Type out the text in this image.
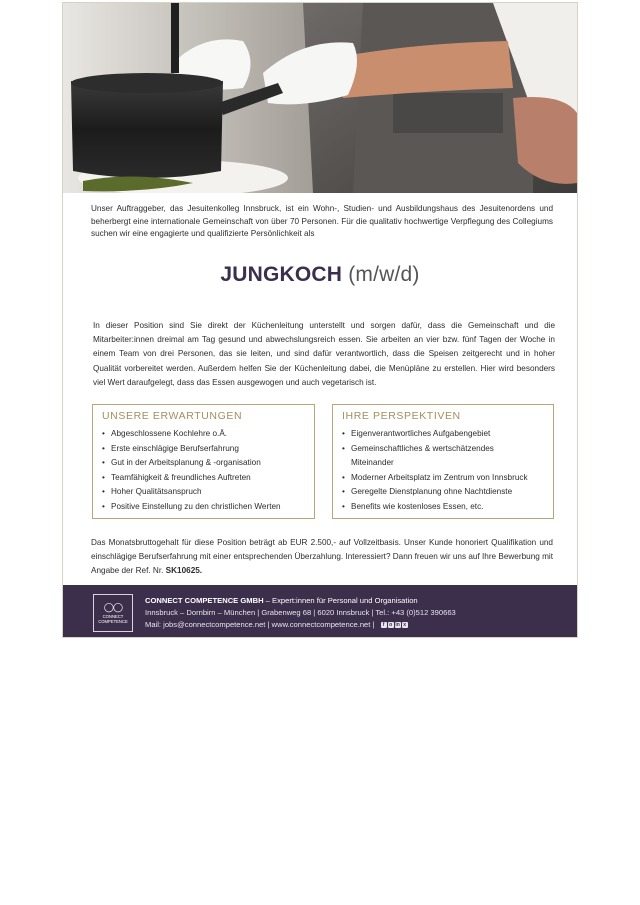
Unser Auftraggeber, das Jesuitenkolleg Innsbruck, ist ein Wohn-, Studien- und Ausbildungshaus des Jesuitenordens und beherbergt eine internationale Gemeinschaft von über 70 Personen. Für die qualitativ hochwertige Verpflegung des Collegiums suchen wir eine engagierte und qualifizierte Persönlichkeit als
JUNGKOCH (m/w/d)
In dieser Position sind Sie direkt der Küchenleitung unterstellt und sorgen dafür, dass die Gemeinschaft und die Mitarbeiter:innen dreimal am Tag gesund und abwechslungsreich essen. Sie arbeiten an vier bzw. fünf Tagen der Woche in einem Team von drei Personen, das sie leiten, und sind dafür verantwortlich, dass die Speisen zeitgerecht und in hoher Qualität vorbereitet werden. Außerdem helfen Sie der Küchenleitung dabei, die Menüpläne zu erstellen. Hier wird besonders viel Wert daraufgelegt, dass das Essen ausgewogen und auch vegetarisch ist.
UNSERE ERWARTUNGEN
• Abgeschlossene Kochlehre o.Ä.
• Erste einschlägige Berufserfahrung
• Gut in der Arbeitsplanung & -organisation
• Teamfähigkeit & freundliches Auftreten
• Hoher Qualitätsanspruch
• Positive Einstellung zu den christlichen Werten
IHRE PERSPEKTIVEN
• Eigenverantwortliches Aufgabengebiet
• Gemeinschaftliches & wertschätzendes
Miteinander
• Moderner Arbeitsplatz im Zentrum von Innsbruck
• Geregelte Dienstplanung ohne Nachtdienste
• Benefits wie kostenloses Essen, etc.
Das Monatsbruttogehalt für diese Position beträgt ab EUR 2.500,- auf Vollzeitbasis. Unser Kunde honoriert Qualifikation und einschlägige Berufserfahrung mit einer entsprechenden Überzahlung. Interessiert? Dann freuen wir uns auf Ihre Bewerbung mit Angabe der Ref. Nr. SK10625.
◯◯
CONNECT
COMPETENCE
CONNECT COMPETENCE GMBH – Expert:innen für Personal und Organisation
Innsbruck – Dornbirn – München | Grabenweg 68 | 6020 Innsbruck | Tel.: +43 (0)512 390663
Mail: jobs@connectcompetence.net | www.connectcompetence.net |	f o in x
